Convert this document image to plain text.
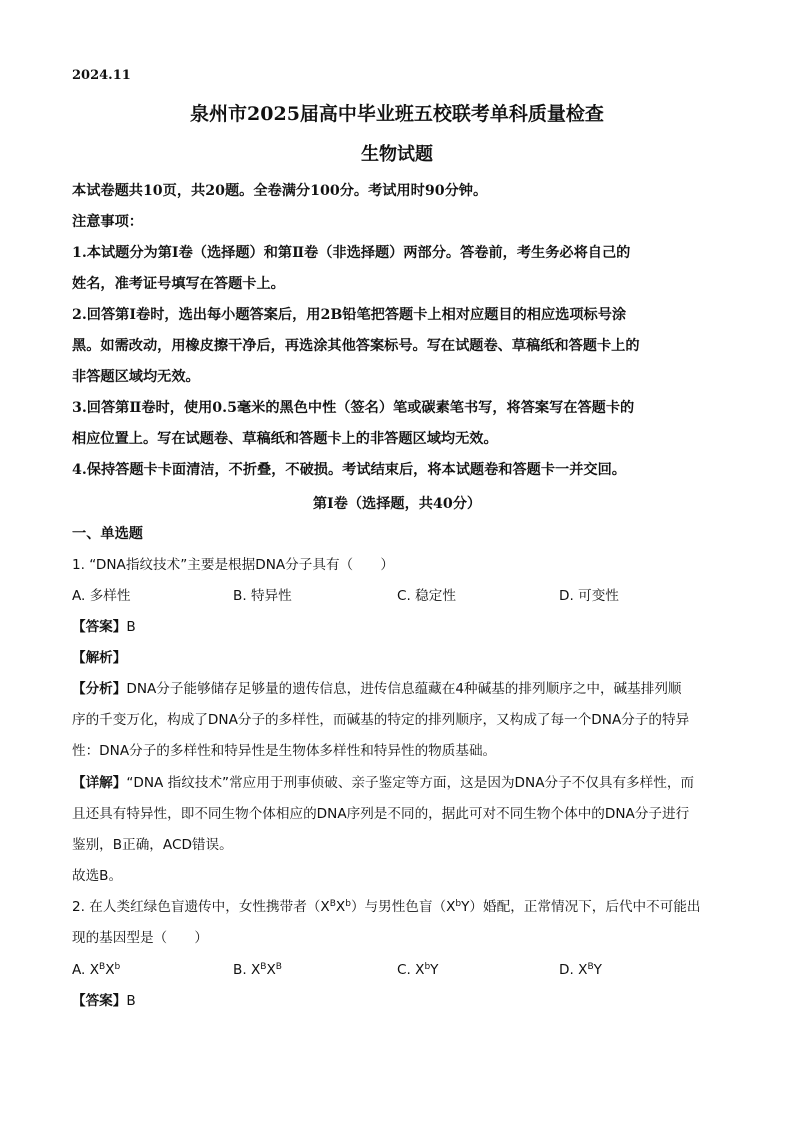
2024.11
泉州市2025届高中毕业班五校联考单科质量检查
生物试题
本试卷题共10页，共20题。全卷满分100分。考试用时90分钟。
注意事项：
1.本试题分为第Ⅰ卷（选择题）和第Ⅱ卷（非选择题）两部分。答卷前，考生务必将自己的
姓名，准考证号填写在答题卡上。
2.回答第Ⅰ卷时，选出每小题答案后，用2B铅笔把答题卡上相对应题目的相应选项标号涂
黑。如需改动，用橡皮擦干净后，再选涂其他答案标号。写在试题卷、草稿纸和答题卡上的
非答题区域均无效。
3.回答第Ⅱ卷时，使用0.5毫米的黑色中性（签名）笔或碳素笔书写，将答案写在答题卡的
相应位置上。写在试题卷、草稿纸和答题卡上的非答题区域均无效。
4.保持答题卡卡面清洁，不折叠，不破损。考试结束后，将本试题卷和答题卡一并交回。
第Ⅰ卷（选择题，共40分）
一、单选题
1. “DNA指纹技术”主要是根据DNA分子具有（　　）
A. 多样性	B. 特异性	C. 稳定性	D. 可变性
【答案】B
【解析】
【分析】DNA分子能够储存足够量的遗传信息，进传信息蕴藏在4种碱基的排列顺序之中，碱基排列顺
序的千变万化，构成了DNA分子的多样性，而碱基的特定的排列顺序，又构成了每一个DNA分子的特异
性：DNA分子的多样性和特异性是生物体多样性和特异性的物质基础。
【详解】“DNA 指纹技术”常应用于刑事侦破、亲子鉴定等方面，这是因为DNA分子不仅具有多样性，而
且还具有特异性，即不同生物个体相应的DNA序列是不同的，据此可对不同生物个体中的DNA分子进行
鉴别，B正确，ACD错误。
故选B。
2. 在人类红绿色盲遗传中，女性携带者$(X^BX^b)$与男性色盲$(X^bY)$婚配，正常情况下，后代中不可能出
现的基因型是（　　）
A. $X^BX^b$	B. $X^BX^B$	C. $X^bY$	D. $X^BY$
【答案】B
